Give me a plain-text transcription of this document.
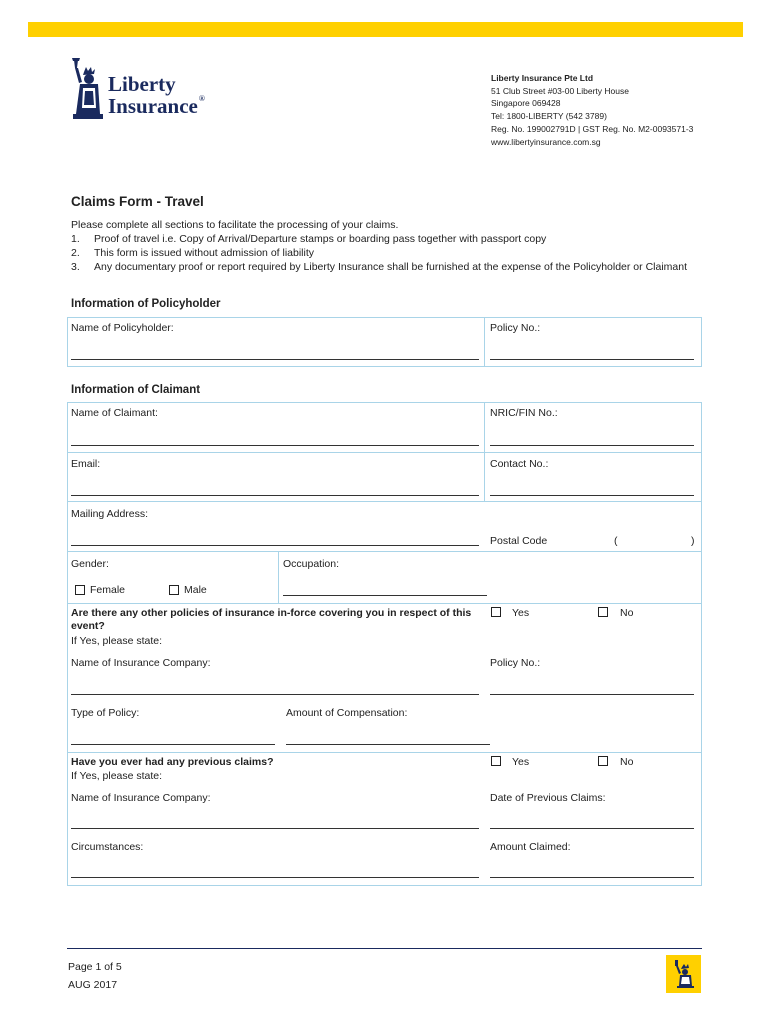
Liberty
Insurance®
Liberty Insurance Pte Ltd
51 Club Street #03-00 Liberty House
Singapore 069428
Tel: 1800-LIBERTY (542 3789)
Reg. No. 199002791D | GST Reg. No. M2-0093571-3
www.libertyinsurance.com.sg
Claims Form - Travel
Please complete all sections to facilitate the processing of your claims.
1. Proof of travel i.e. Copy of Arrival/Departure stamps or boarding pass together with passport copy
2. This form is issued without admission of liability
3. Any documentary proof or report required by Liberty Insurance shall be furnished at the expense of the Policyholder or Claimant
Information of Policyholder
Name of Policyholder:	Policy No.:
Information of Claimant
Name of Claimant:	NRIC/FIN No.:
Email:	Contact No.:
Mailing Address:
Postal Code	(	)
Gender:
Female	Male
Occupation:
Are there any other policies of insurance in-force covering you in respect of this
event?
Yes	No
If Yes, please state:
Name of Insurance Company:	Policy No.:
Type of Policy:	Amount of Compensation:
Have you ever had any previous claims?	Yes	No
If Yes, please state:
Name of Insurance Company:	Date of Previous Claims:
Circumstances:	Amount Claimed:
Page 1 of 5
AUG 2017
